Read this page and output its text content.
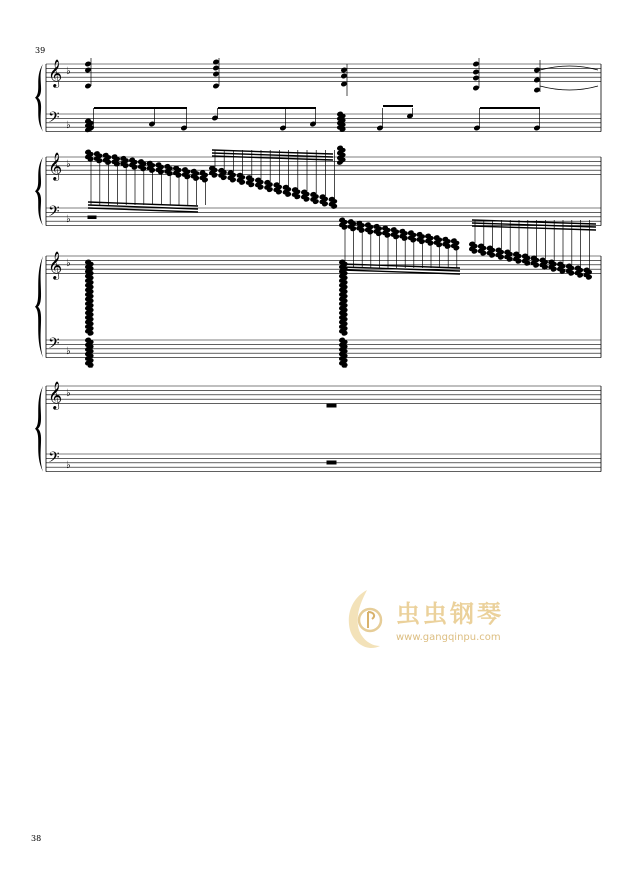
39
𝄞 ♭
𝄢 ♭
𝄞 ♭
𝄢 ♭
𝄞 ♭
𝄢 ♭
𝄞 ♭
𝄢 ♭
38
虫虫钢琴
www.gangqinpu.com
